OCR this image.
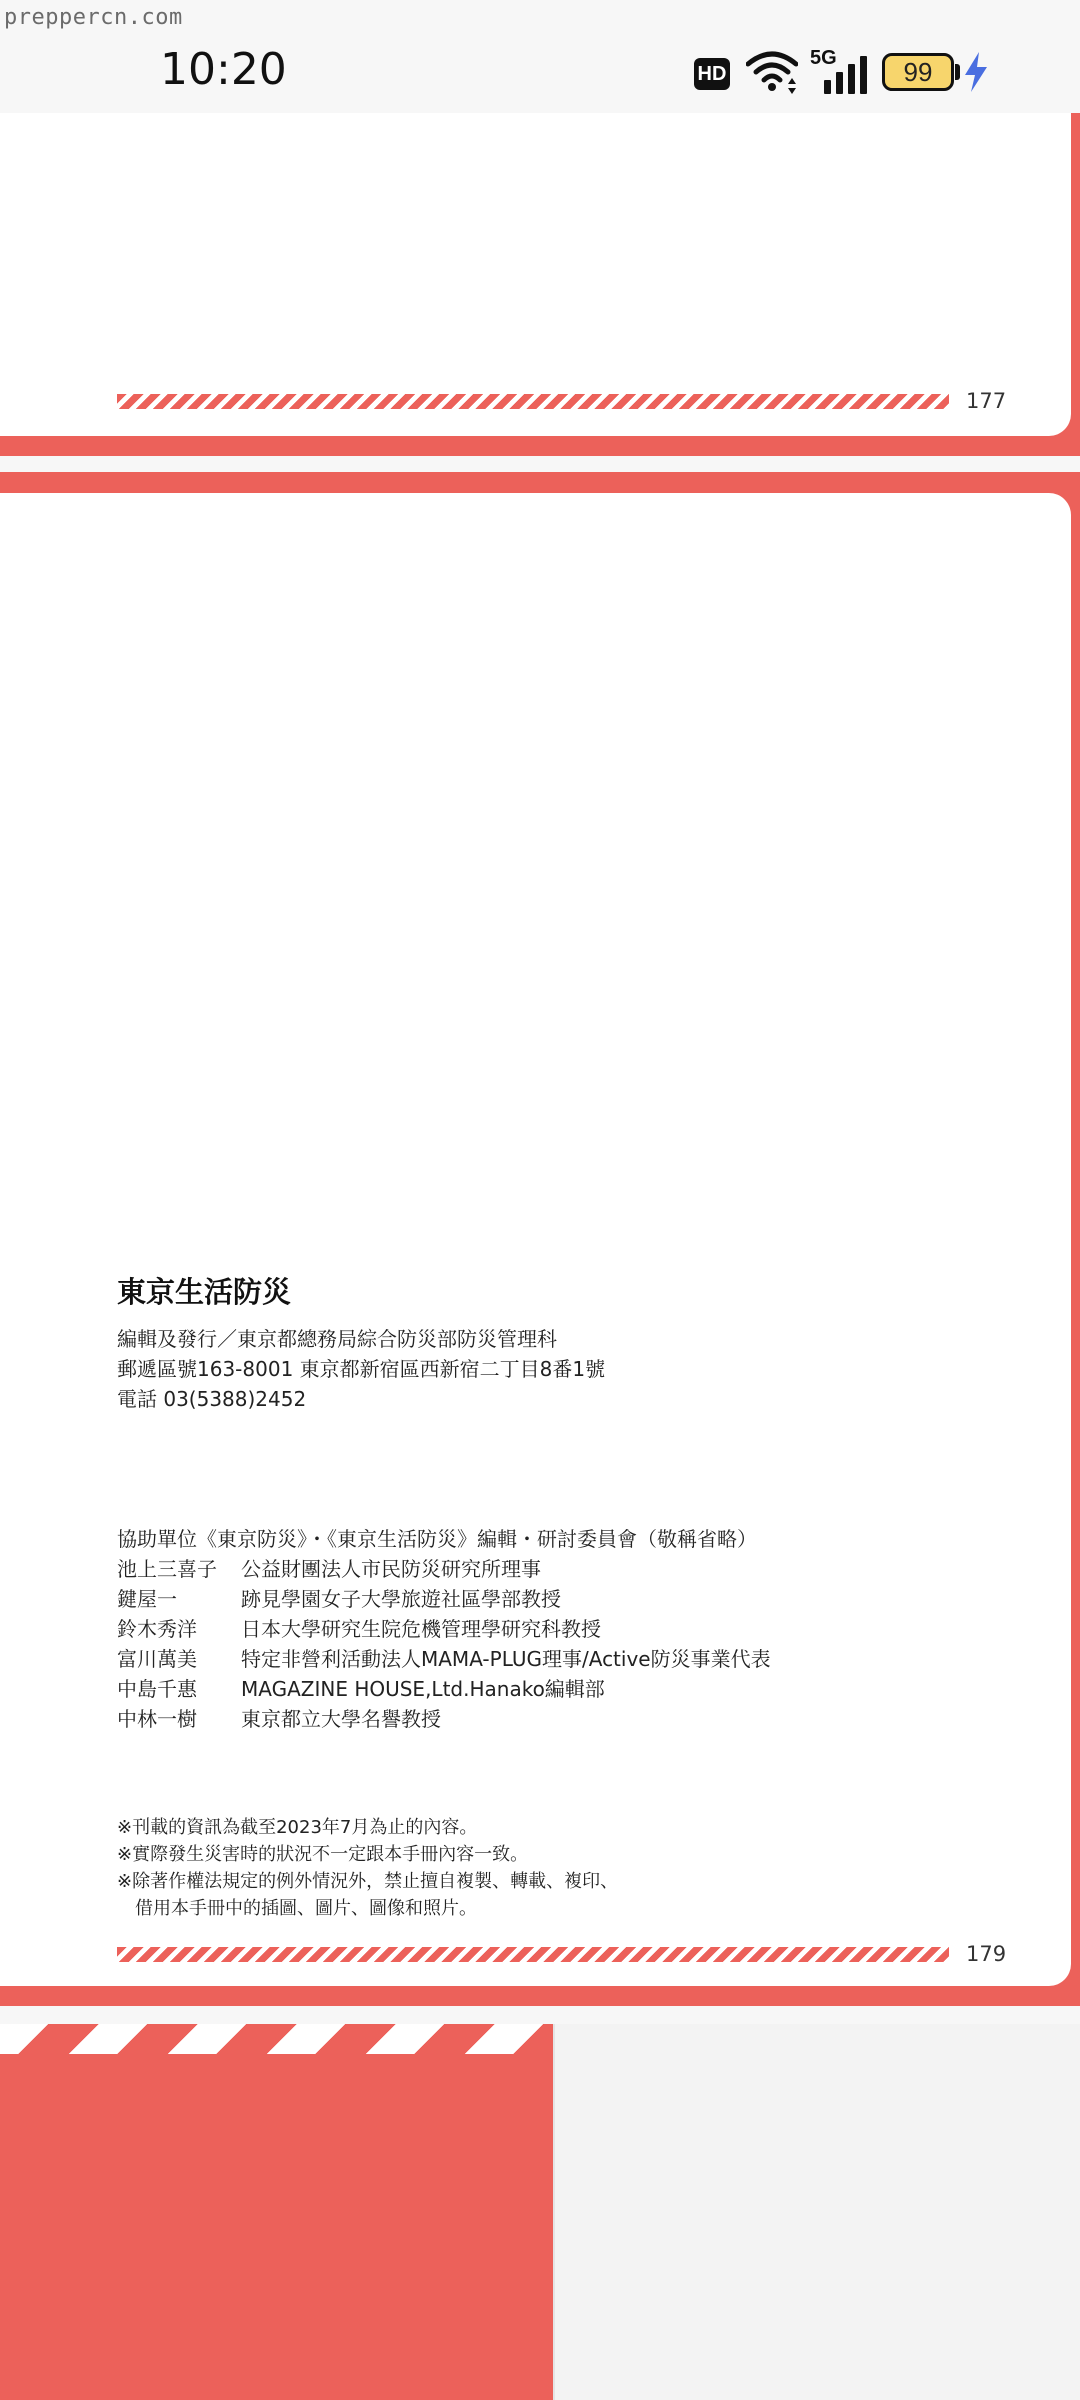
preppercn.com
10:20	HD
5G	99
177
東京生活防災
編輯及發行／東京都總務局綜合防災部防災管理科
郵遞區號163-8001 東京都新宿區西新宿二丁目8番1號
電話 03(5388)2452
協助單位《東京防災》・《東京生活防災》編輯・研討委員會（敬稱省略）
池上三喜子 公益財團法人市民防災研究所理事
鍵屋一	跡見學園女子大學旅遊社區學部教授
鈴木秀洋 日本大學研究生院危機管理學研究科教授
富川萬美 特定非營利活動法人MAMA-PLUG理事/Active防災事業代表
中島千惠 MAGAZINE HOUSE,Ltd.Hanako編輯部
中林一樹 東京都立大學名譽教授
※刊載的資訊為截至2023年7月為止的內容。
※實際發生災害時的狀況不一定跟本手冊內容一致。
※除著作權法規定的例外情況外，禁止擅自複製、轉載、複印、
　借用本手冊中的插圖、圖片、圖像和照片。
179
